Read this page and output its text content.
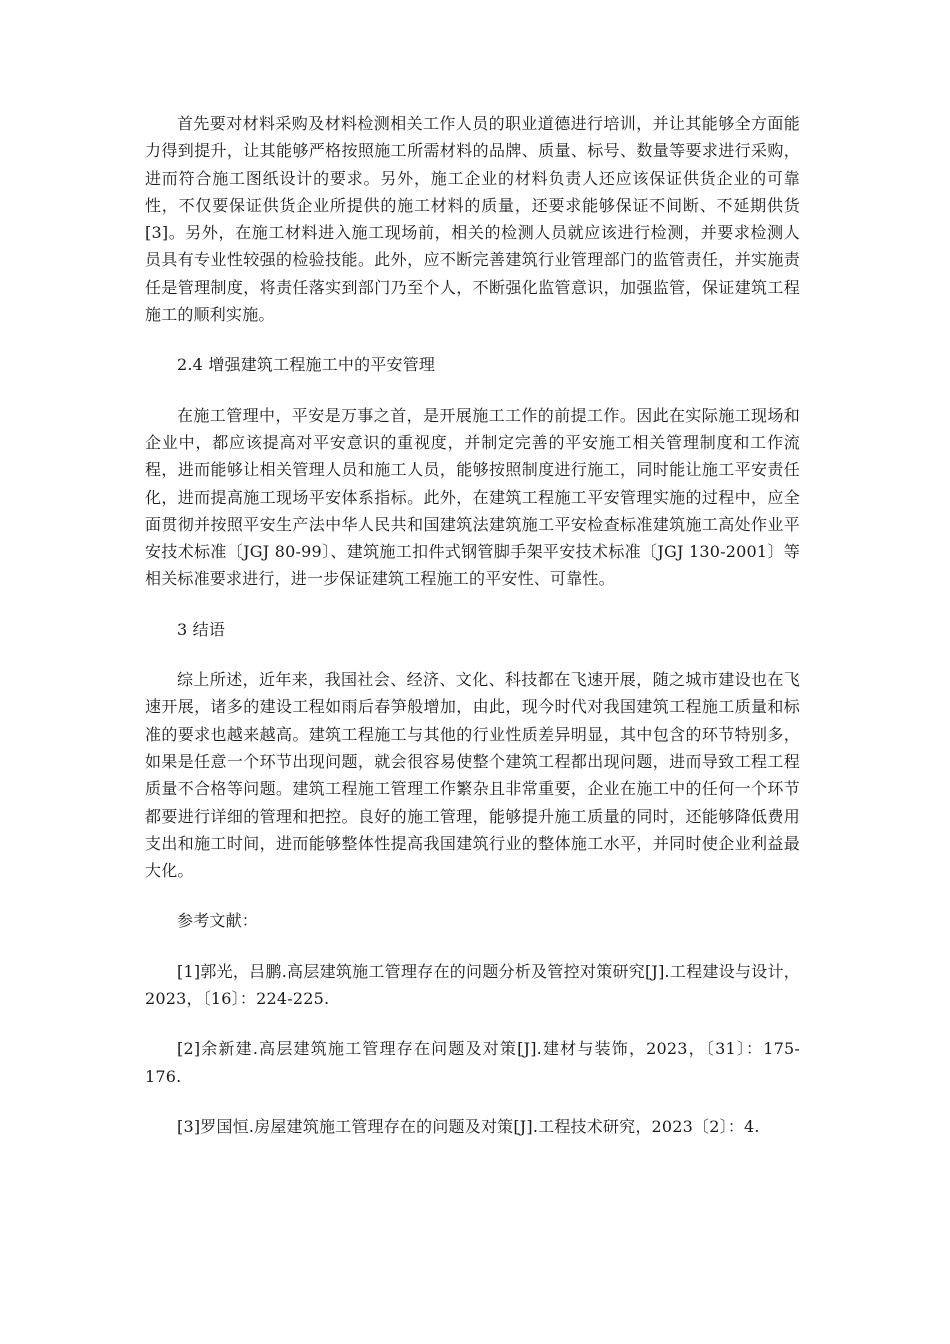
首先要对材料采购及材料检测相关工作人员的职业道德进行培训，并让其能够全方面能力得到提升，让其能够严格按照施工所需材料的品牌、质量、标号、数量等要求进行采购，进而符合施工图纸设计的要求。另外，施工企业的材料负责人还应该保证供货企业的可靠性，不仅要保证供货企业所提供的施工材料的质量，还要求能够保证不间断、不延期供货[3]。另外，在施工材料进入施工现场前，相关的检测人员就应该进行检测，并要求检测人员具有专业性较强的检验技能。此外，应不断完善建筑行业管理部门的监管责任，并实施责任是管理制度，将责任落实到部门乃至个人，不断强化监管意识，加强监管，保证建筑工程施工的顺利实施。

2.4 增强建筑工程施工中的平安管理

在施工管理中，平安是万事之首，是开展施工工作的前提工作。因此在实际施工现场和企业中，都应该提高对平安意识的重视度，并制定完善的平安施工相关管理制度和工作流程，进而能够让相关管理人员和施工人员，能够按照制度进行施工，同时能让施工平安责任化，进而提高施工现场平安体系指标。此外，在建筑工程施工平安管理实施的过程中，应全面贯彻并按照平安生产法中华人民共和国建筑法建筑施工平安检查标准建筑施工高处作业平安技术标准〔JGJ 80-99〕、建筑施工扣件式钢管脚手架平安技术标准〔JGJ 130-2001〕等相关标准要求进行，进一步保证建筑工程施工的平安性、可靠性。

3 结语

综上所述，近年来，我国社会、经济、文化、科技都在飞速开展，随之城市建设也在飞速开展，诸多的建设工程如雨后春笋般增加，由此，现今时代对我国建筑工程施工质量和标准的要求也越来越高。建筑工程施工与其他的行业性质差异明显，其中包含的环节特别多，如果是任意一个环节出现问题，就会很容易使整个建筑工程都出现问题，进而导致工程工程质量不合格等问题。建筑工程施工管理工作繁杂且非常重要，企业在施工中的任何一个环节都要进行详细的管理和把控。良好的施工管理，能够提升施工质量的同时，还能够降低费用支出和施工时间，进而能够整体性提高我国建筑行业的整体施工水平，并同时使企业利益最大化。

参考文献：

[1]郭光，吕鹏.高层建筑施工管理存在的问题分析及管控对策研究[J].工程建设与设计，2023，〔16〕：224-225.

[2]余新建.高层建筑施工管理存在问题及对策[J].建材与装饰，2023，〔31〕：175-176.

[3]罗国恒.房屋建筑施工管理存在的问题及对策[J].工程技术研究，2023〔2〕：4.
